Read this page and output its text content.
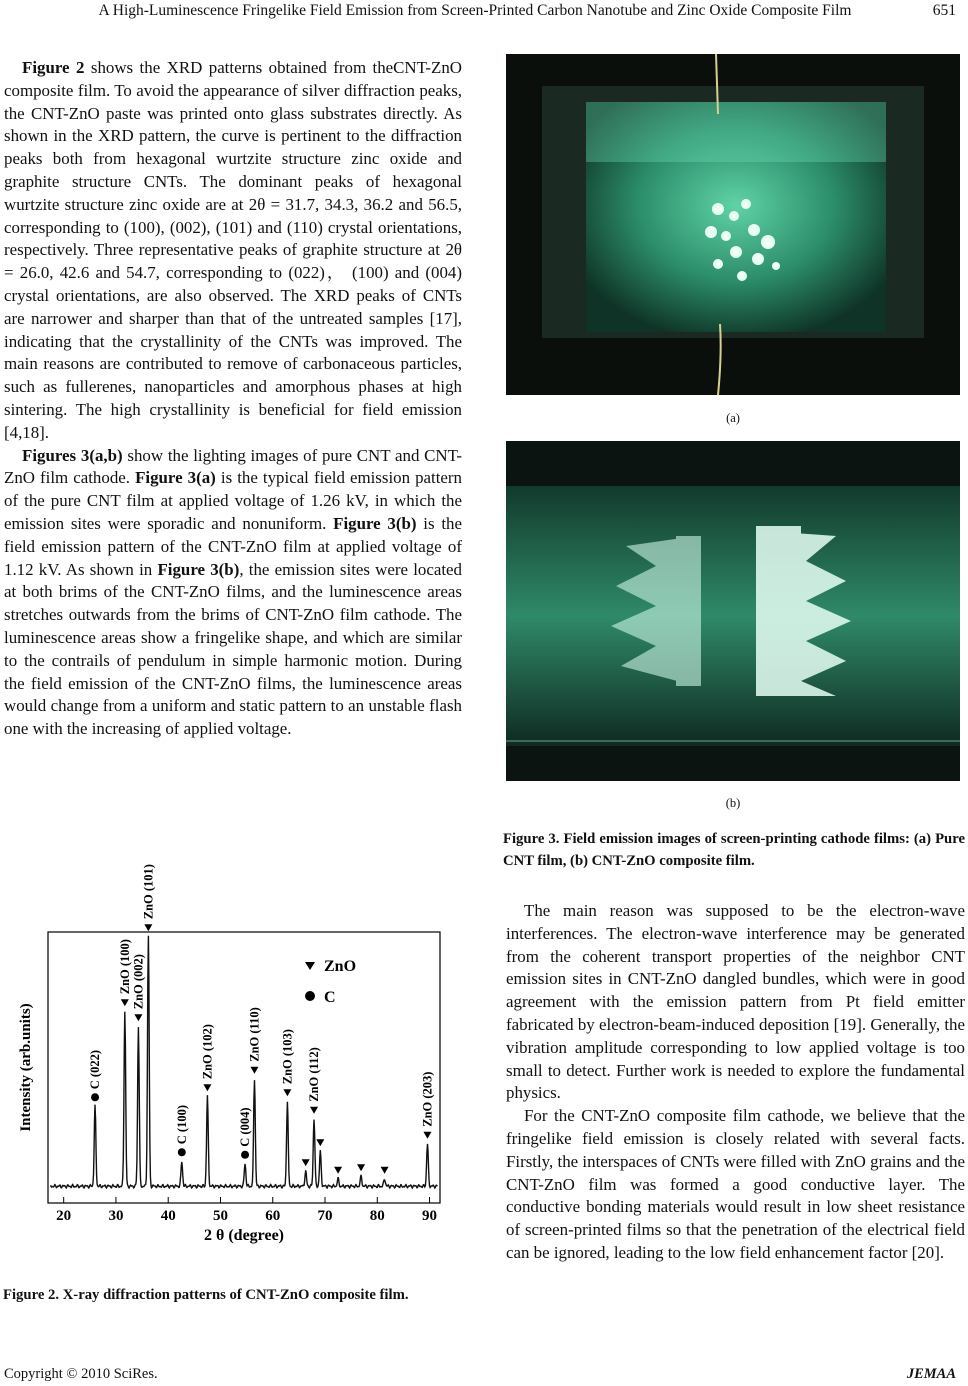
A High-Luminescence Fringelike Field Emission from Screen-Printed Carbon Nanotube and Zinc Oxide Composite Film	651

Figure 2 shows the XRD patterns obtained from theCNT-ZnO composite film. To avoid the appearance of silver diffraction peaks, the CNT-ZnO paste was printed onto glass substrates directly. As shown in the XRD pattern, the curve is pertinent to the diffraction peaks both from hexagonal wurtzite structure zinc oxide and graphite structure CNTs. The dominant peaks of hexagonal wurtzite structure zinc oxide are at 2θ = 31.7, 34.3, 36.2 and 56.5, corresponding to (100), (002), (101) and (110) crystal orientations, respectively. Three representative peaks of graphite structure at 2θ = 26.0, 42.6 and 54.7, corresponding to (022)， (100) and (004) crystal orientations, are also observed. The XRD peaks of CNTs are narrower and sharper than that of the untreated samples [17], indicating that the crystallinity of the CNTs was improved. The main reasons are contributed to remove of carbonaceous particles, such as fullerenes, nanoparticles and amorphous phases at high sintering. The high crystallinity is beneficial for field emission [4,18].

Figures 3(a,b) show the lighting images of pure CNT and CNT-ZnO film cathode. Figure 3(a) is the typical field emission pattern of the pure CNT film at applied voltage of 1.26 kV, in which the emission sites were sporadic and nonuniform. Figure 3(b) is the field emission pattern of the CNT-ZnO film at applied voltage of 1.12 kV. As shown in Figure 3(b), the emission sites were located at both brims of the CNT-ZnO films, and the luminescence areas stretches outwards from the brims of CNT-ZnO film cathode. The luminescence areas show a fringelike shape, and which are similar to the contrails of pendulum in simple harmonic motion. During the field emission of the CNT-ZnO films, the luminescence areas would change from a uniform and static pattern to an unstable flash one with the increasing of applied voltage.

(a)
(b)
Figure 3. Field emission images of screen-printing cathode films: (a) Pure CNT film, (b) CNT-ZnO composite film.

The main reason was supposed to be the electron-wave interferences. The electron-wave interference may be generated from the coherent transport properties of the neighbor CNT emission sites in CNT-ZnO dangled bundles, which were in good agreement with the emission pattern from Pt field emitter fabricated by electron-beam-induced deposition [19]. Generally, the vibration amplitude corresponding to low applied voltage is too small to detect. Further work is needed to explore the fundamental physics.

For the CNT-ZnO composite film cathode, we believe that the fringelike field emission is closely related with several facts. Firstly, the interspaces of CNTs were filled with ZnO grains and the CNT-ZnO film was formed a good conductive layer. The conductive bonding materials would result in low sheet resistance of screen-printed films so that the penetration of the electrical field can be ignored, leading to the low field enhancement factor [20].

20 30 40 50 60 70 80 90
2 θ (degree)
Intensity (arb.units)	C (022)
ZnO (100) ZnO (002)
ZnO (101)
C (100)
ZnO (102)
C (004)
ZnO (110) ZnO (103) ZnO (112)	ZnO (203)
ZnO
C
Figure 2. X-ray diffraction patterns of CNT-ZnO composite film.
Copyright © 2010 SciRes.	JEMAA
